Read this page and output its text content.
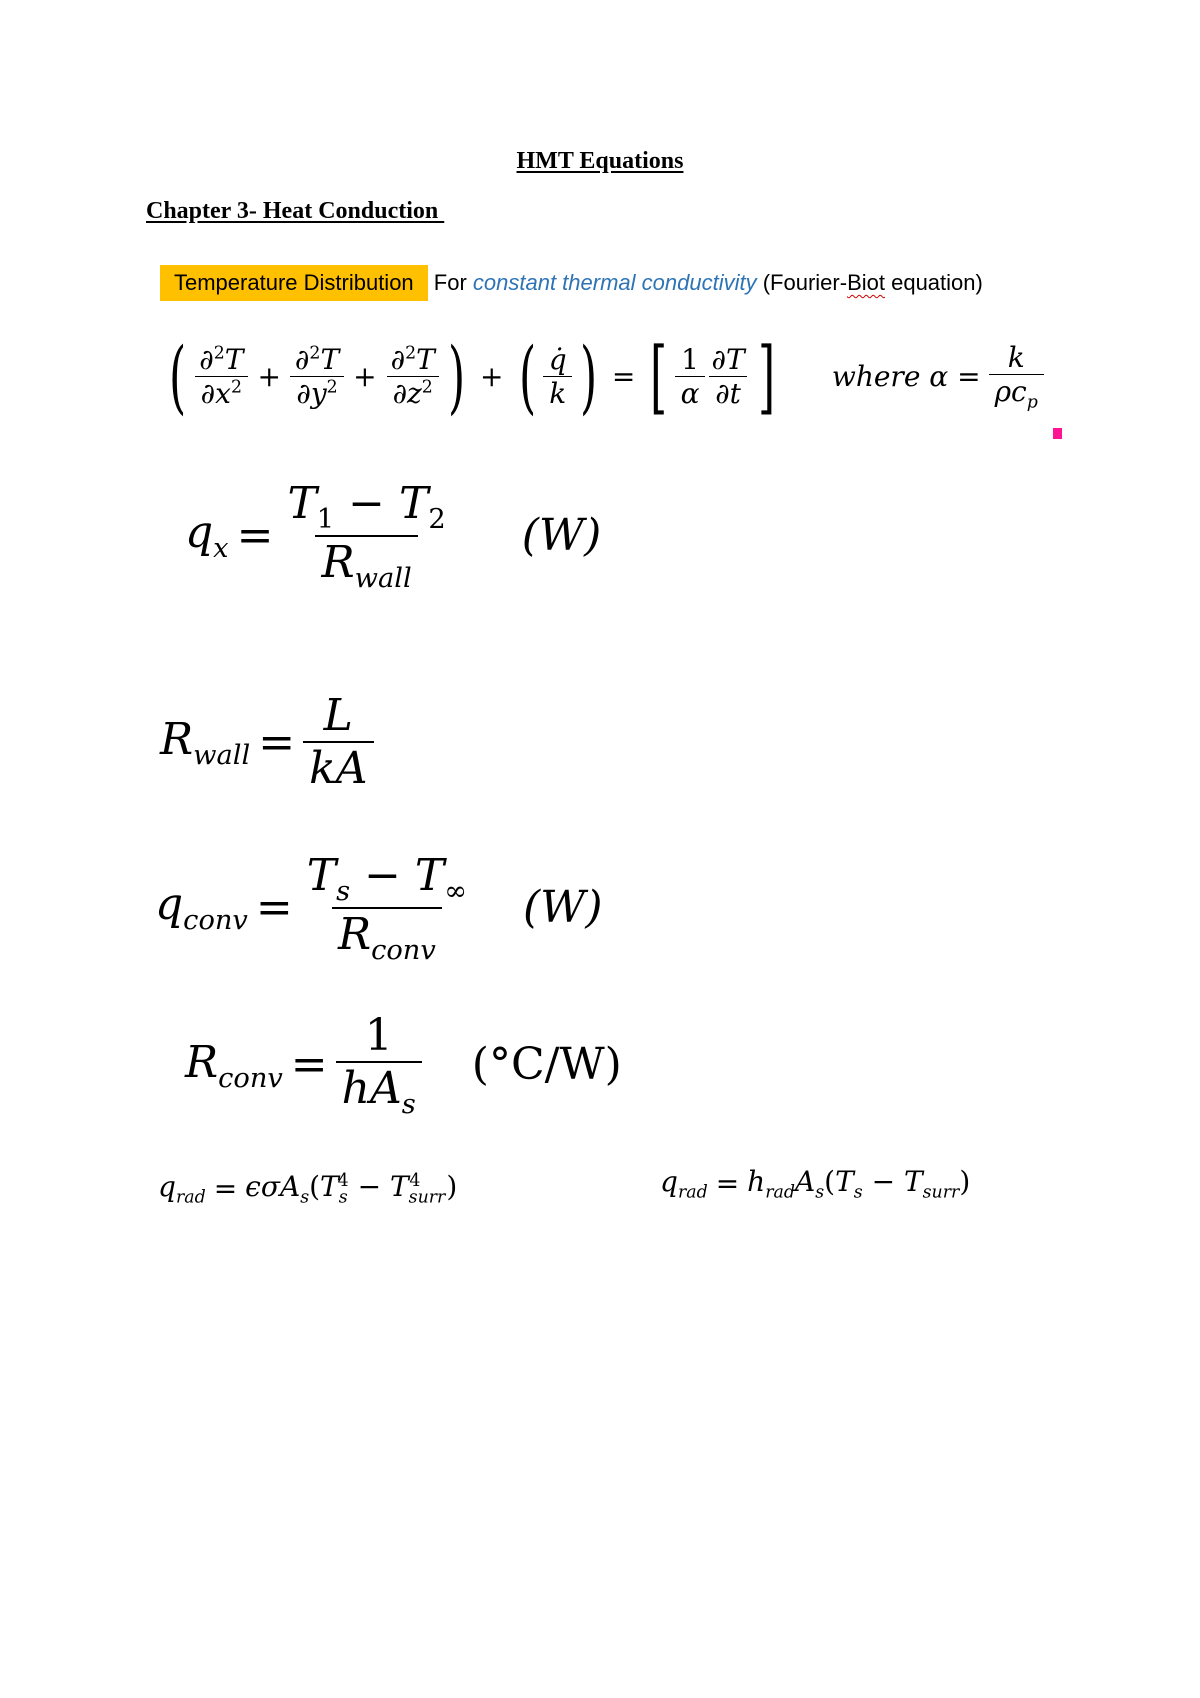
HMT Equations
Chapter 3- Heat Conduction
Temperature Distribution For constant thermal conductivity (Fourier- Biot equation)
( $\frac{\partial^2T}{\partial x^2} + \frac{\partial^2T}{\partial y^2} + \frac{\partial^2T}{\partial z^2}$ ) + ( $\frac{q̇}{k}$ ) = [ $\frac{1}{\alpha} \frac{\partial T}{\partial t}$ ] where $\alpha = \frac{k}{\rho c_p}$
$q_x = \frac{T_1 - T_2}{R_{wall}} (W)$
$R_{wall} = \frac{L}{kA}$
$q_{conv} = \frac{T_s - T_\infty}{R_{conv}} (W)$
$R_{conv} = \frac{1}{hA_s} (^\circ C/W)$
$q_{rad} = \epsilon\sigma A_s(T_s^4 - T_{surr}^4$ )	$q_{rad} = h_{rad}A_s(T_s - T_{surr})$
